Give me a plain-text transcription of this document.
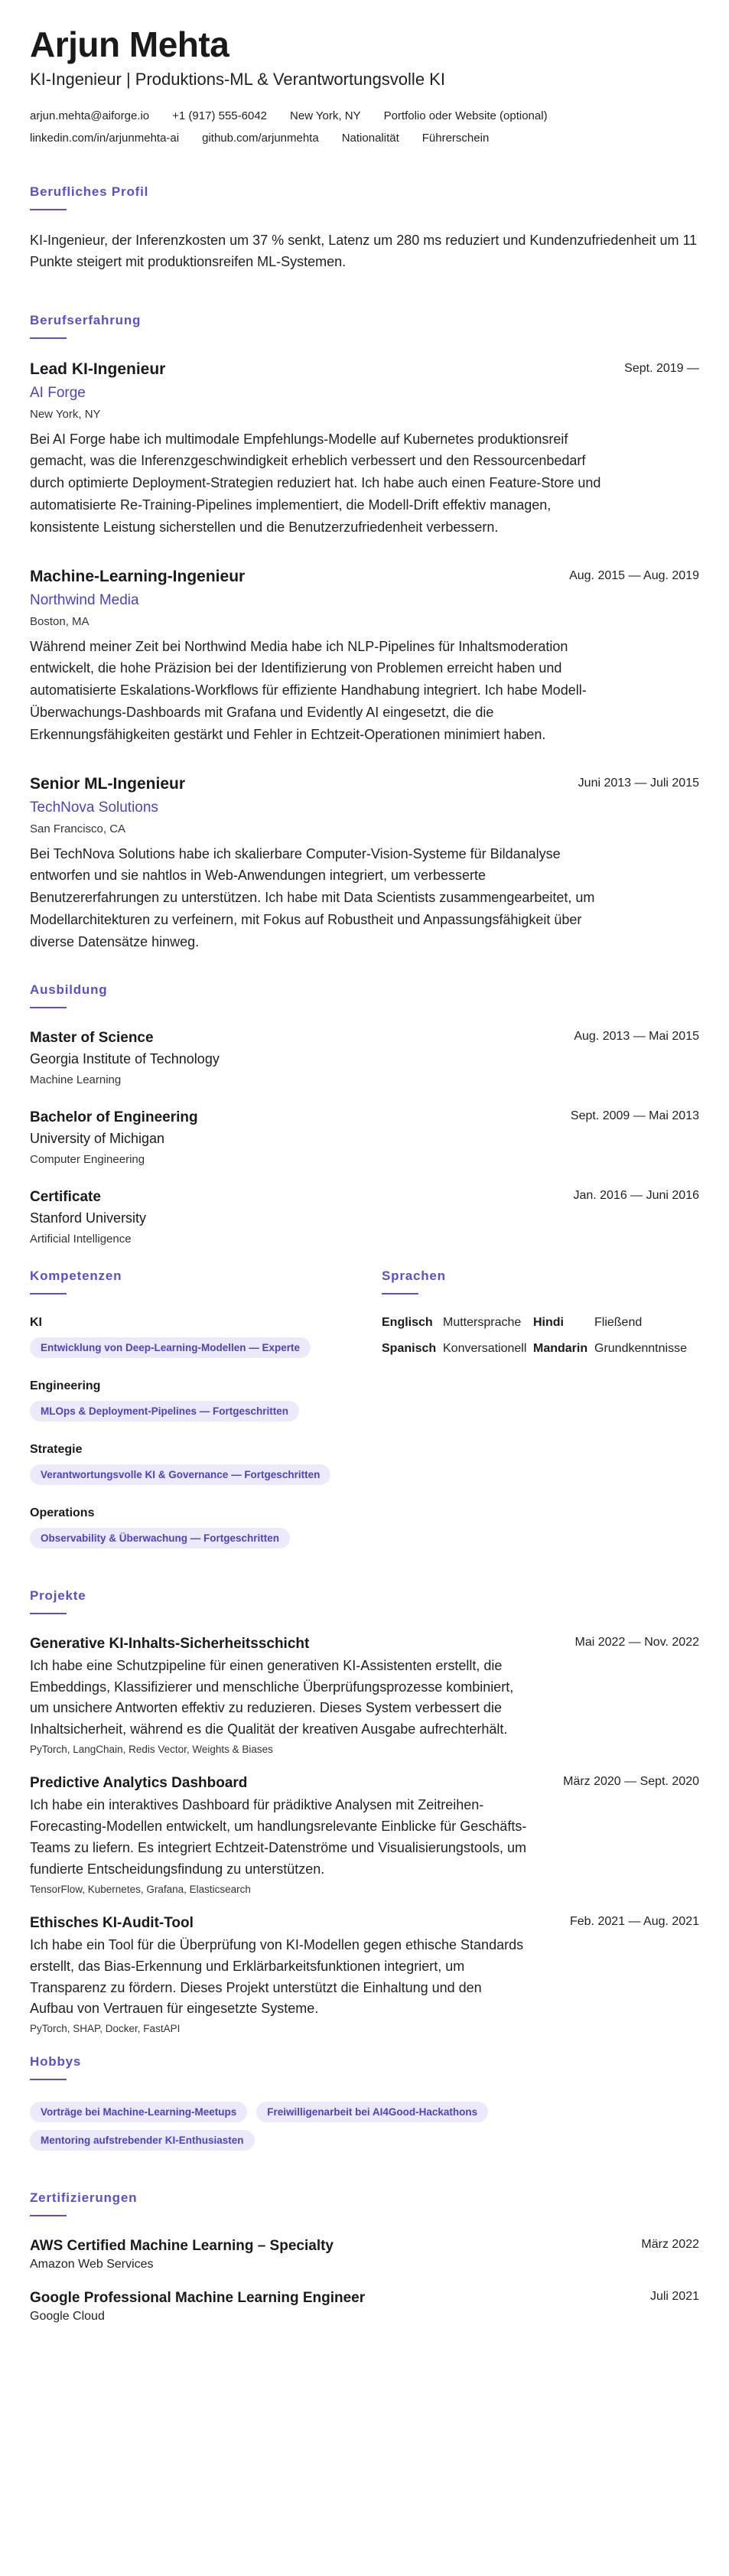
Arjun Mehta
KI-Ingenieur | Produktions-ML & Verantwortungsvolle KI
arjun.mehta@aiforge.io +1 (917) 555-6042 New York, NY Portfolio oder Website (optional)
linkedin.com/in/arjunmehta-ai github.com/arjunmehta Nationalität Führerschein
Berufliches Profil
KI-Ingenieur, der Inferenzkosten um 37 % senkt, Latenz um 280 ms reduziert und Kundenzufriedenheit um 11 Punkte steigert mit produktionsreifen ML-Systemen.
Berufserfahrung
Lead KI-Ingenieur	Sept. 2019 —
AI Forge
New York, NY
Bei AI Forge habe ich multimodale Empfehlungs-Modelle auf Kubernetes produktionsreif gemacht, was die Inferenzgeschwindigkeit erheblich verbessert und den Ressourcenbedarf durch optimierte Deployment-Strategien reduziert hat. Ich habe auch einen Feature-Store und automatisierte Re-Training-Pipelines implementiert, die Modell-Drift effektiv managen, konsistente Leistung sicherstellen und die Benutzerzufriedenheit verbessern.
Machine-Learning-Ingenieur	Aug. 2015 — Aug. 2019
Northwind Media
Boston, MA
Während meiner Zeit bei Northwind Media habe ich NLP-Pipelines für Inhaltsmoderation entwickelt, die hohe Präzision bei der Identifizierung von Problemen erreicht haben und automatisierte Eskalations-Workflows für effiziente Handhabung integriert. Ich habe Modell-Überwachungs-Dashboards mit Grafana und Evidently AI eingesetzt, die die Erkennungsfähigkeiten gestärkt und Fehler in Echtzeit-Operationen minimiert haben.
Senior ML-Ingenieur	Juni 2013 — Juli 2015
TechNova Solutions
San Francisco, CA
Bei TechNova Solutions habe ich skalierbare Computer-Vision-Systeme für Bildanalyse entworfen und sie nahtlos in Web-Anwendungen integriert, um verbesserte Benutzererfahrungen zu unterstützen. Ich habe mit Data Scientists zusammengearbeitet, um Modellarchitekturen zu verfeinern, mit Fokus auf Robustheit und Anpassungsfähigkeit über diverse Datensätze hinweg.
Ausbildung
Master of Science	Aug. 2013 — Mai 2015
Georgia Institute of Technology
Machine Learning
Bachelor of Engineering	Sept. 2009 — Mai 2013
University of Michigan
Computer Engineering
Certificate	Jan. 2016 — Juni 2016
Stanford University
Artificial Intelligence
Kompetenzen
KI
Entwicklung von Deep-Learning-Modellen — Experte
Engineering
MLOps & Deployment-Pipelines — Fortgeschritten
Strategie
Verantwortungsvolle KI & Governance — Fortgeschritten
Operations
Observability & Überwachung — Fortgeschritten
Sprachen
Englisch Muttersprache Hindi	Fließend
Spanisch Konversationell Mandarin Grundkenntnisse
Projekte
Generative KI-Inhalts-Sicherheitsschicht	Mai 2022 — Nov. 2022
Ich habe eine Schutzpipeline für einen generativen KI-Assistenten erstellt, die Embeddings, Klassifizierer und menschliche Überprüfungsprozesse kombiniert, um unsichere Antworten effektiv zu reduzieren. Dieses System verbessert die Inhaltsicherheit, während es die Qualität der kreativen Ausgabe aufrechterhält.
PyTorch, LangChain, Redis Vector, Weights & Biases
Predictive Analytics Dashboard	März 2020 — Sept. 2020
Ich habe ein interaktives Dashboard für prädiktive Analysen mit Zeitreihen-Forecasting-Modellen entwickelt, um handlungsrelevante Einblicke für Geschäfts-Teams zu liefern. Es integriert Echtzeit-Datenströme und Visualisierungstools, um fundierte Entscheidungsfindung zu unterstützen.
TensorFlow, Kubernetes, Grafana, Elasticsearch
Ethisches KI-Audit-Tool	Feb. 2021 — Aug. 2021
Ich habe ein Tool für die Überprüfung von KI-Modellen gegen ethische Standards erstellt, das Bias-Erkennung und Erklärbarkeitsfunktionen integriert, um Transparenz zu fördern. Dieses Projekt unterstützt die Einhaltung und den Aufbau von Vertrauen für eingesetzte Systeme.
PyTorch, SHAP, Docker, FastAPI
Hobbys
Vorträge bei Machine-Learning-Meetups	Freiwilligenarbeit bei AI4Good-Hackathons
Mentoring aufstrebender KI-Enthusiasten
Zertifizierungen
AWS Certified Machine Learning – Specialty	März 2022
Amazon Web Services
Google Professional Machine Learning Engineer	Juli 2021
Google Cloud
